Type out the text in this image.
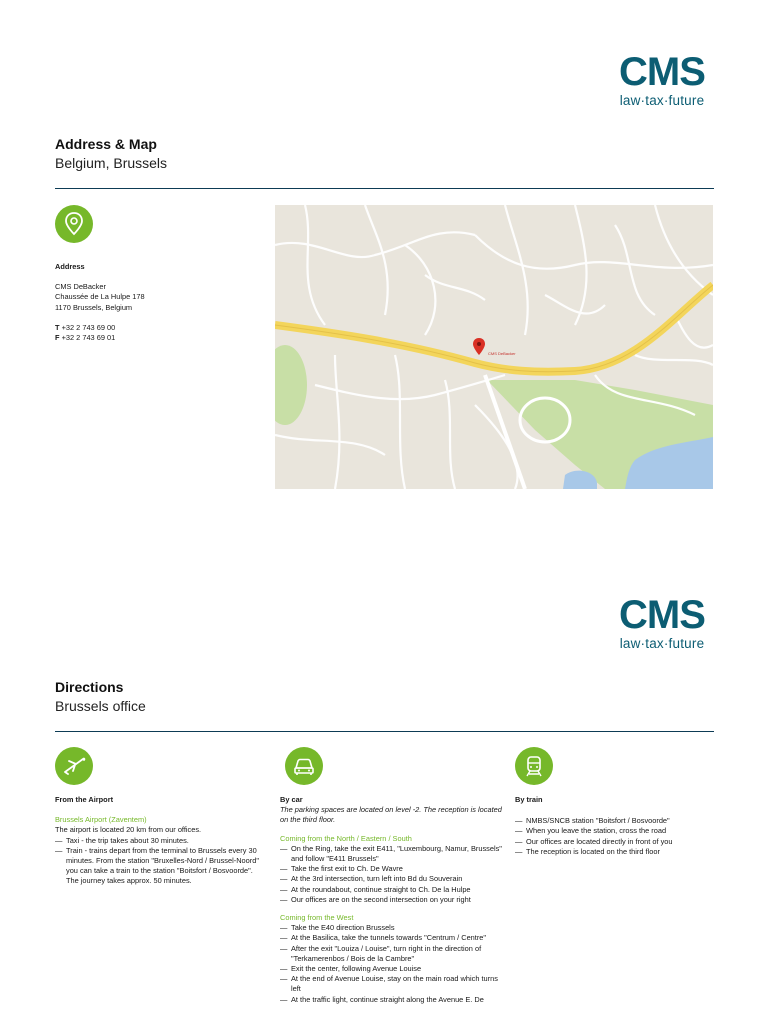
CMS
law·tax·future
Address & Map
Belgium, Brussels
Address
CMS DeBacker
Chaussée de La Hulpe 178
1170 Brussels, Belgium
T +32 2 743 69 00
F +32 2 743 69 01
CMS DeBacker
CMS
law·tax·future
Directions
Brussels office
From the Airport
Brussels Airport (Zaventem)
The airport is located 20 km from our offices.
— Taxi - the trip takes about 30 minutes.
— Train - trains depart from the terminal to Brussels every 30 minutes. From the station "Bruxelles-Nord / Brussel-Noord" you can take a train to the station "Boitsfort / Bosvoorde". The journey takes approx. 50 minutes.
By car
The parking spaces are located on level -2. The reception is located on the third floor.
Coming from the North / Eastern / South
— On the Ring, take the exit E411, "Luxembourg, Namur, Brussels" and follow "E411 Brussels"
— Take the first exit to Ch. De Wavre
— At the 3rd intersection, turn left into Bd du Souverain
— At the roundabout, continue straight to Ch. De la Hulpe
— Our offices are on the second intersection on your right
Coming from the West
— Take the E40 direction Brussels
— At the Basilica, take the tunnels towards "Centrum / Centre"
— After the exit "Louiza / Louise", turn right in the direction of "Terkamerenbos / Bois de la Cambre"
— Exit the center, following Avenue Louise
— At the end of Avenue Louise, stay on the main road which turns left
— At the traffic light, continue straight along the Avenue E. De
By train
— NMBS/SNCB station "Boitsfort / Bosvoorde"
— When you leave the station, cross the road
— Our offices are located directly in front of you
— The reception is located on the third floor
